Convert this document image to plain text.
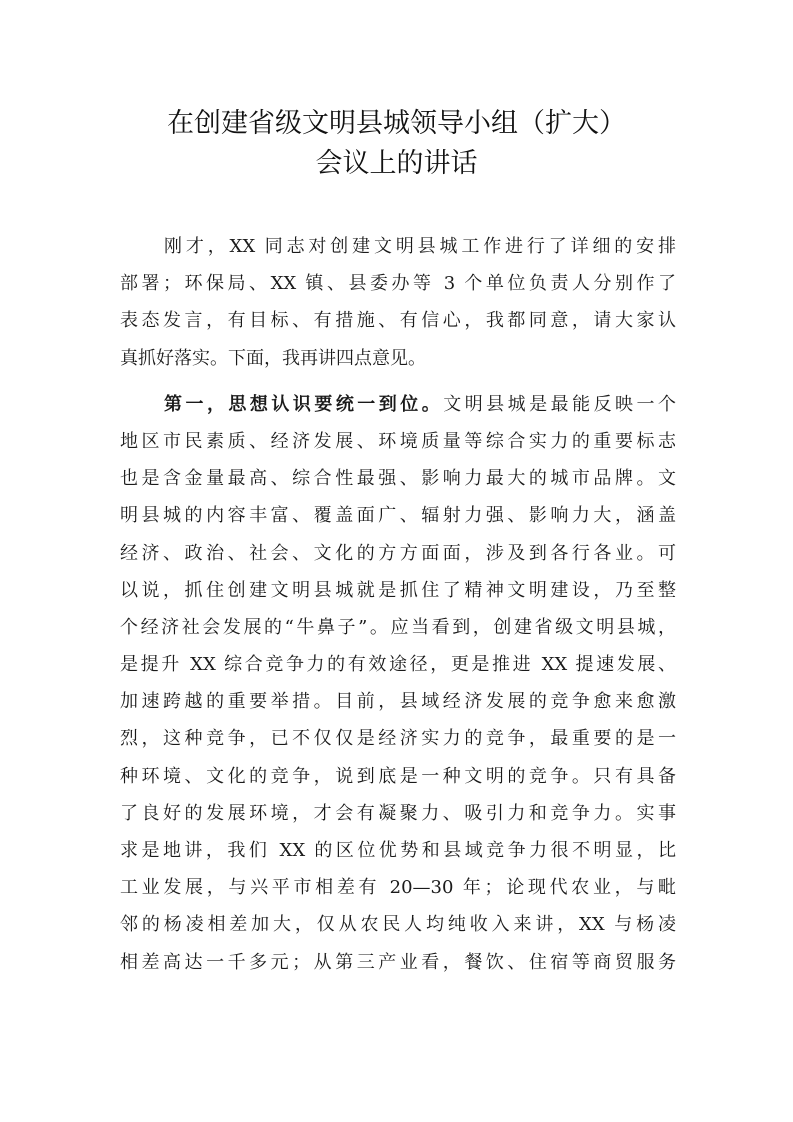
在创建省级文明县城领导小组（扩大）
会议上的讲话
刚才，XX 同志对创建文明县城工作进行了详细的安排
部署；环保局、XX 镇、县委办等 3 个单位负责人分别作了
表态发言，有目标、有措施、有信心，我都同意，请大家认
真抓好落实。下面，我再讲四点意见。
第一，思想认识要统一到位。文明县城是最能反映一个
地区市民素质、经济发展、环境质量等综合实力的重要标志
也是含金量最高、综合性最强、影响力最大的城市品牌。文
明县城的内容丰富、覆盖面广、辐射力强、影响力大，涵盖
经济、政治、社会、文化的方方面面，涉及到各行各业。可
以说，抓住创建文明县城就是抓住了精神文明建设，乃至整
个经济社会发展的“牛鼻子”。应当看到，创建省级文明县城，
是提升 XX 综合竞争力的有效途径，更是推进 XX 提速发展、
加速跨越的重要举措。目前，县域经济发展的竞争愈来愈激
烈，这种竞争，已不仅仅是经济实力的竞争，最重要的是一
种环境、文化的竞争，说到底是一种文明的竞争。只有具备
了良好的发展环境，才会有凝聚力、吸引力和竞争力。实事
求是地讲，我们 XX 的区位优势和县域竞争力很不明显，比
工业发展，与兴平市相差有 20—30 年；论现代农业，与毗
邻的杨凌相差加大，仅从农民人均纯收入来讲，XX 与杨凌
相差高达一千多元；从第三产业看，餐饮、住宿等商贸服务
